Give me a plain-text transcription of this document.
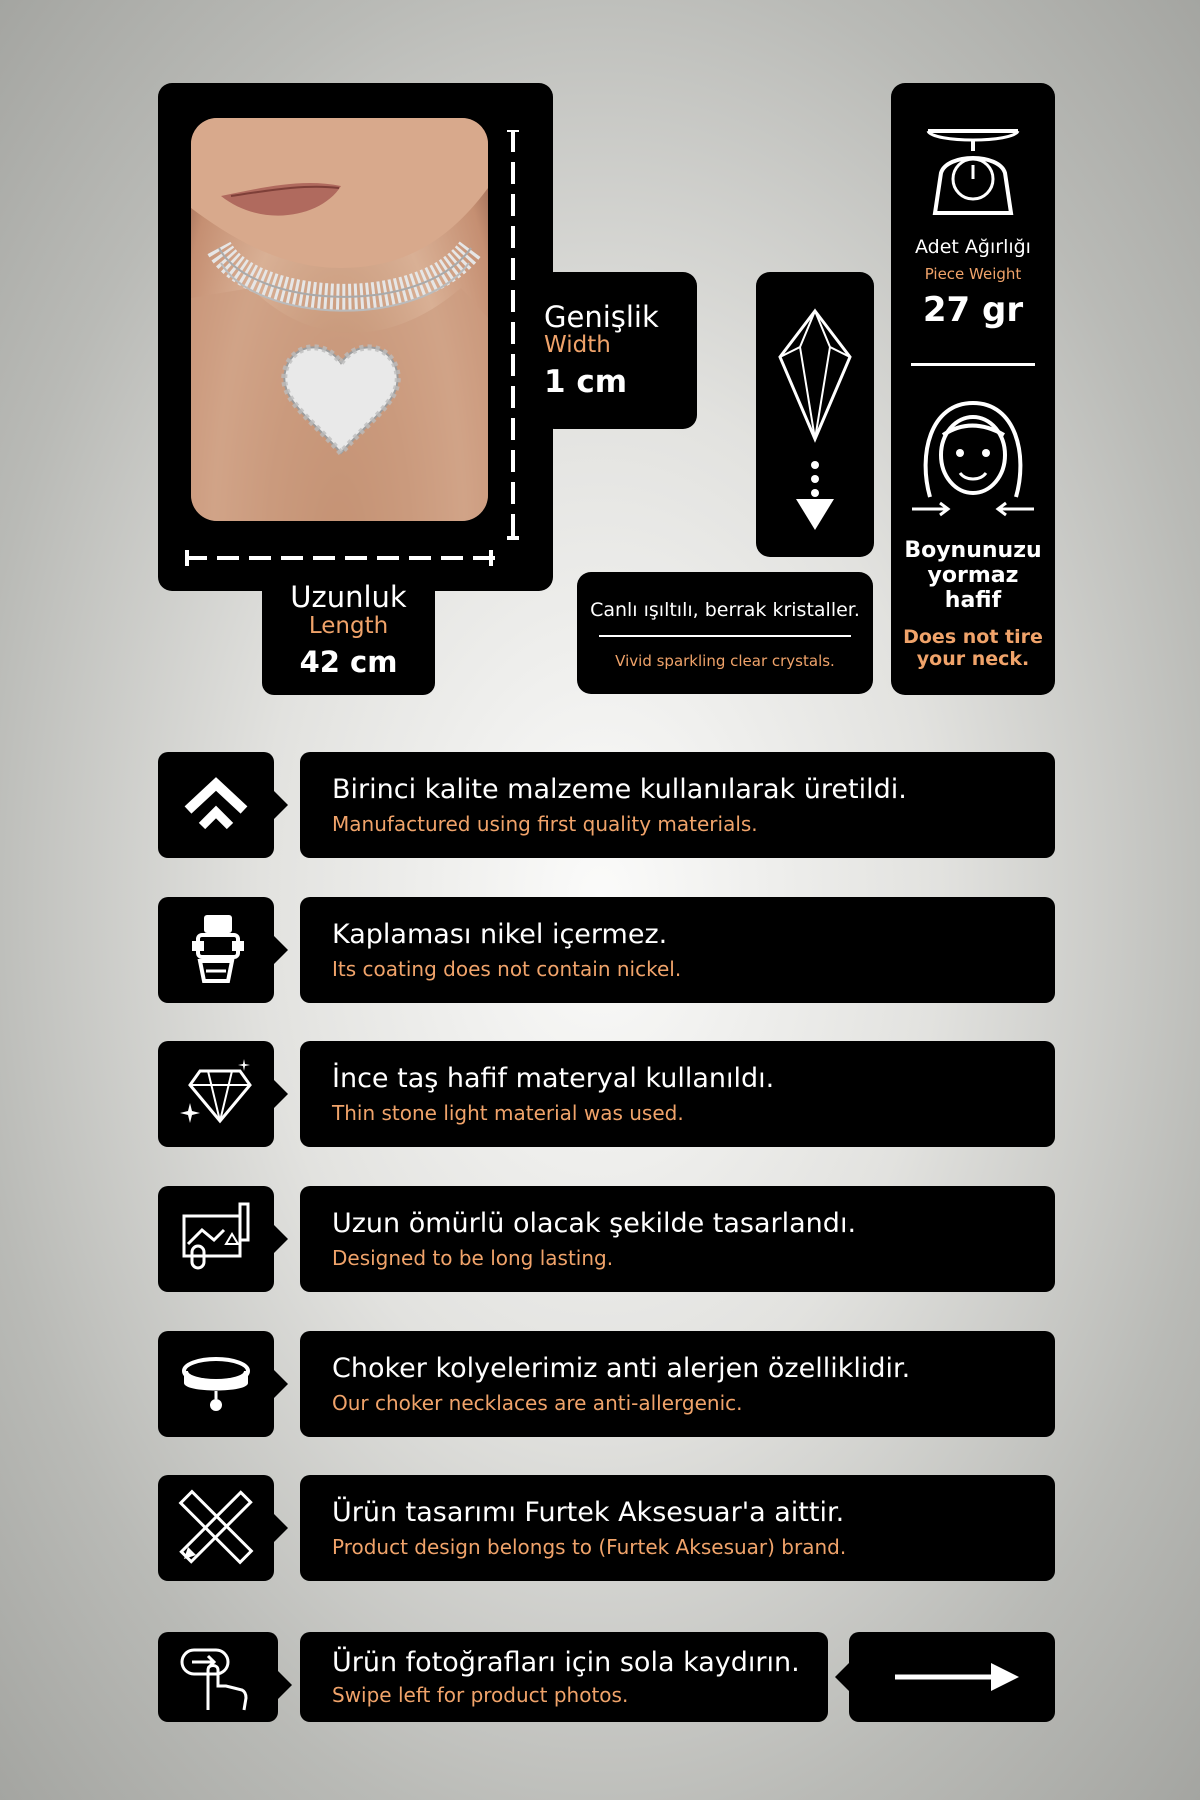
Genişlik
Width
1 cm
Uzunluk
Length
42 cm
Canlı ışıltılı, berrak kristaller.
Vivid sparkling clear crystals.
Adet Ağırlığı
Piece Weight
27 gr
Boynunuzu yormaz hafif
Does not tire your neck.
Birinci kalite malzeme kullanılarak üretildi.
Manufactured using first quality materials.
Kaplaması nikel içermez.
Its coating does not contain nickel.
İnce taş hafif materyal kullanıldı.
Thin stone light material was used.
Uzun ömürlü olacak şekilde tasarlandı.
Designed to be long lasting.
Choker kolyelerimiz anti alerjen özelliklidir.
Our choker necklaces are anti-allergenic.
Ürün tasarımı Furtek Aksesuar'a aittir.
Product design belongs to (Furtek Aksesuar) brand.
Ürün fotoğrafları için sola kaydırın.
Swipe left for product photos.
